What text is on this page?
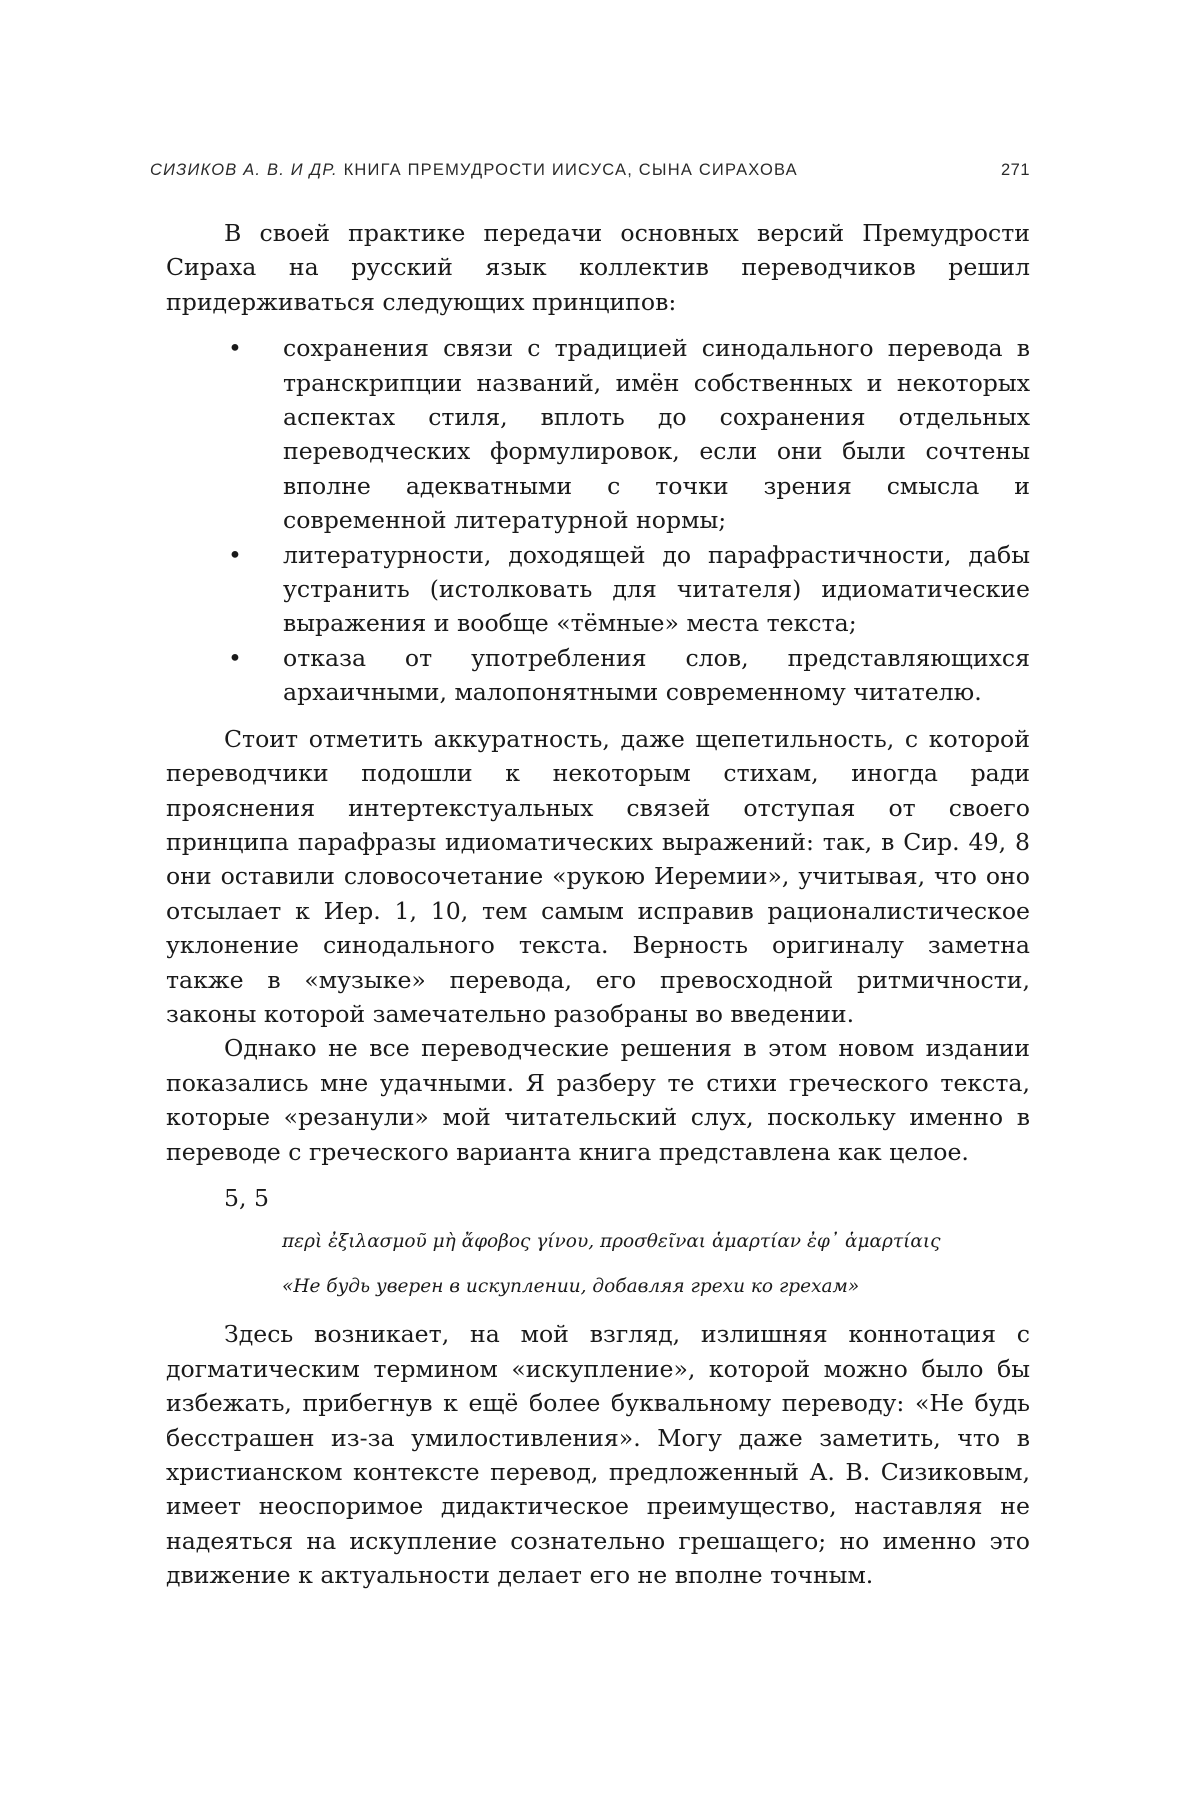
СИЗИКОВ А. В. И ДР. КНИГА ПРЕМУДРОСТИ ИИСУСА, СЫНА СИРАХОВА	271

В своей практике передачи основных версий Премудрости Сираха на русский язык коллектив переводчиков решил придерживаться следующих принципов:

• сохранения связи с традицией синодального перевода в транскрипции названий, имён собственных и некоторых аспектах стиля, вплоть до сохранения отдельных переводческих формулировок, если они были сочтены вполне адекватными с точки зрения смысла и современной литературной нормы;
• литературности, доходящей до парафрастичности, дабы устранить (истолковать для читателя) идиоматические выражения и вообще «тёмные» места текста;
• отказа от употребления слов, представляющихся архаичными, малопонятными современному читателю.

Стоит отметить аккуратность, даже щепетильность, с которой переводчики подошли к некоторым стихам, иногда ради прояснения интертекстуальных связей отступая от своего принципа парафразы идиоматических выражений: так, в Сир. 49, 8 они оставили словосочетание «рукою Иеремии», учитывая, что оно отсылает к Иер. 1, 10, тем самым исправив рационалистическое уклонение синодального текста. Верность оригиналу заметна также в «музыке» перевода, его превосходной ритмичности, законы которой замечательно разобраны во введении.

Однако не все переводческие решения в этом новом издании показались мне удачными. Я разберу те стихи греческого текста, которые «резанули» мой читательский слух, поскольку именно в переводе с греческого варианта книга представлена как целое.

5, 5

περὶ ἐξιλασμοῦ μὴ ἄφοβος γίνου, προσθεῖναι ἁμαρτίαν ἐφ᾽ ἁμαρτίαις

«Не будь уверен в искуплении, добавляя грехи ко грехам»

Здесь возникает, на мой взгляд, излишняя коннотация с догматическим термином «искупление», которой можно было бы избежать, прибегнув к ещё более буквальному переводу: «Не будь бесстрашен из-за умилостивления». Могу даже заметить, что в христианском контексте перевод, предложенный А. В. Сизиковым, имеет неоспоримое дидактическое преимущество, наставляя не надеяться на искупление сознательно грешащего; но именно это движение к актуальности делает его не вполне точным.
